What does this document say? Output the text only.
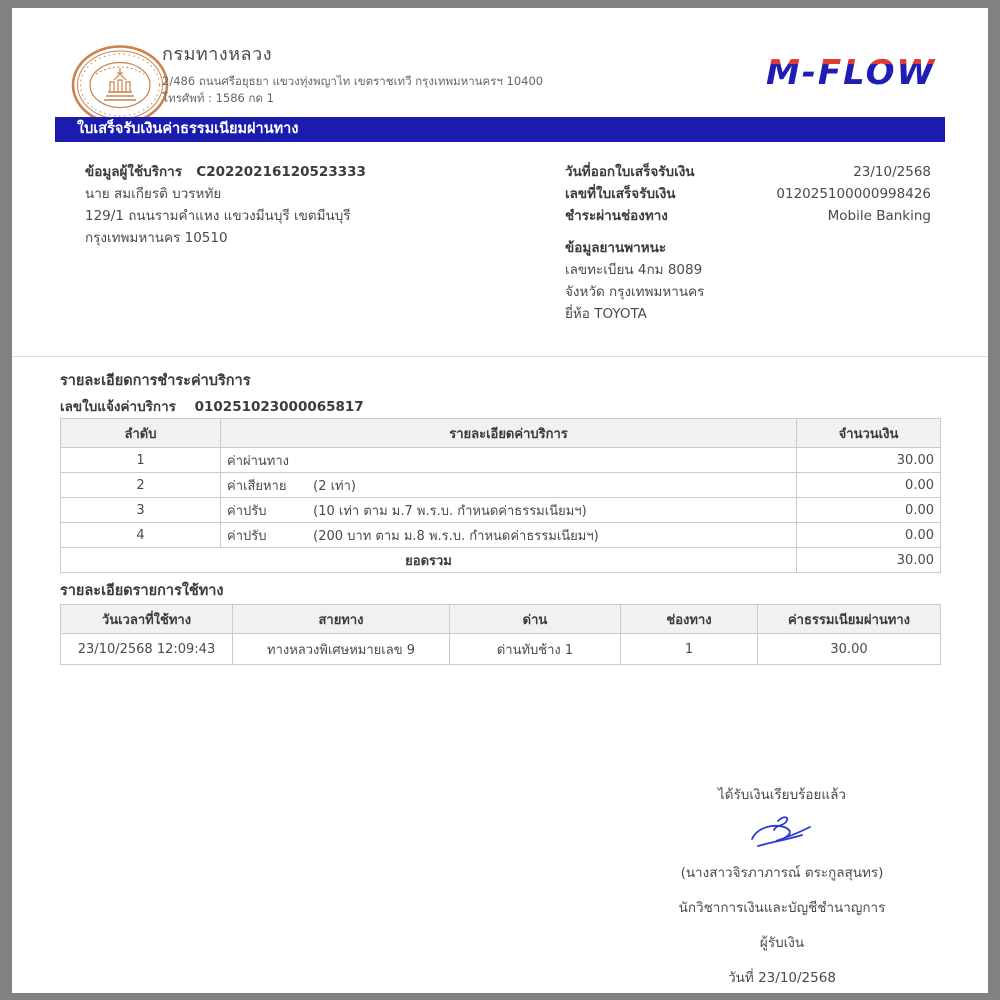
กรมทางหลวง
2/486 ถนนศรีอยุธยา แขวงทุ่งพญาไท เขตราชเทวี กรุงเทพมหานครฯ 10400
โทรศัพท์ : 1586 กด 1
M-FLOW M-FLOW
ใบเสร็จรับเงินค่าธรรมเนียมผ่านทาง
ข้อมูลผู้ใช้บริการ C20220216120523333
นาย สมเกียรติ บวรหทัย
129/1 ถนนรามคำแหง แขวงมีนบุรี เขตมีนบุรี
กรุงเทพมหานคร 10510
วันที่ออกใบเสร็จรับเงิน	23/10/2568
เลขที่ใบเสร็จรับเงิน	012025100000998426
ชำระผ่านช่องทาง	Mobile Banking
ข้อมูลยานพาหนะ
เลขทะเบียน 4กม 8089
จังหวัด กรุงเทพมหานคร
ยี่ห้อ TOYOTA
รายละเอียดการชำระค่าบริการ
เลขใบแจ้งค่าบริการ 010251023000065817
ลำดับ	รายละเอียดค่าบริการ	จำนวนเงิน
1	ค่าผ่านทาง	30.00
2	ค่าเสียหาย (2 เท่า)	0.00
3	ค่าปรับ (10 เท่า ตาม ม.7 พ.ร.บ. กำหนดค่าธรรมเนียมฯ)	0.00
4	ค่าปรับ (200 บาท ตาม ม.8 พ.ร.บ. กำหนดค่าธรรมเนียมฯ)	0.00
ยอดรวม		30.00
รายละเอียดรายการใช้ทาง
วันเวลาที่ใช้ทาง	สายทาง	ด่าน	ช่องทาง	ค่าธรรมเนียมผ่านทาง
23/10/2568 12:09:43	ทางหลวงพิเศษหมายเลข 9	ด่านทับช้าง 1	1	30.00
ได้รับเงินเรียบร้อยแล้ว
(นางสาวจิรภาภารณ์ ตระกูลสุนทร)
นักวิชาการเงินและบัญชีชำนาญการ
ผู้รับเงิน
วันที่ 23/10/2568
